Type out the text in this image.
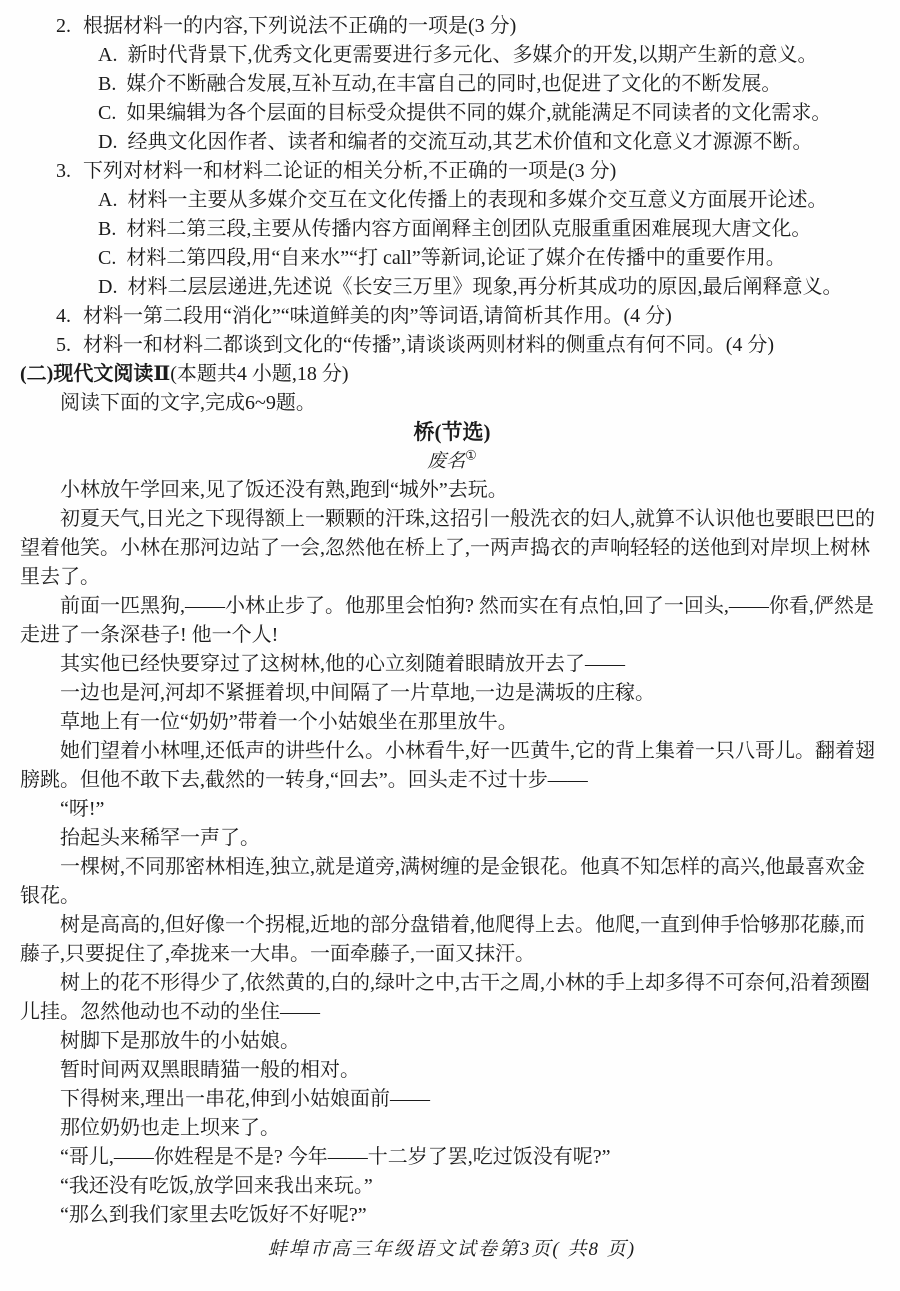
2. 根据材料一的内容,下列说法不正确的一项是(3 分)
A. 新时代背景下,优秀文化更需要进行多元化、多媒介的开发,以期产生新的意义。
B. 媒介不断融合发展,互补互动,在丰富自己的同时,也促进了文化的不断发展。
C. 如果编辑为各个层面的目标受众提供不同的媒介,就能满足不同读者的文化需求。
D. 经典文化因作者、读者和编者的交流互动,其艺术价值和文化意义才源源不断。
3. 下列对材料一和材料二论证的相关分析,不正确的一项是(3 分)
A. 材料一主要从多媒介交互在文化传播上的表现和多媒介交互意义方面展开论述。
B. 材料二第三段,主要从传播内容方面阐释主创团队克服重重困难展现大唐文化。
C. 材料二第四段,用“自来水”“打 call”等新词,论证了媒介在传播中的重要作用。
D. 材料二层层递进,先述说《长安三万里》现象,再分析其成功的原因,最后阐释意义。
4. 材料一第二段用“消化”“味道鲜美的肉”等词语,请简析其作用。(4 分)
5. 材料一和材料二都谈到文化的“传播”,请谈谈两则材料的侧重点有何不同。(4 分)
(二)现代文阅读Ⅱ(本题共4 小题,18 分)
阅读下面的文字,完成6~9题。
桥(节选)
废名①
小林放午学回来,见了饭还没有熟,跑到“城外”去玩。
初夏天气,日光之下现得额上一颗颗的汗珠,这招引一般洗衣的妇人,就算不认识他也要眼巴巴的望着他笑。小林在那河边站了一会,忽然他在桥上了,一两声捣衣的声响轻轻的送他到对岸坝上树林里去了。
前面一匹黑狗,——小林止步了。他那里会怕狗? 然而实在有点怕,回了一回头,——你看,俨然是走进了一条深巷子! 他一个人!
其实他已经快要穿过了这树林,他的心立刻随着眼睛放开去了——
一边也是河,河却不紧捱着坝,中间隔了一片草地,一边是满坂的庄稼。
草地上有一位“奶奶”带着一个小姑娘坐在那里放牛。
她们望着小林哩,还低声的讲些什么。小林看牛,好一匹黄牛,它的背上集着一只八哥儿。翻着翅膀跳。但他不敢下去,截然的一转身,“回去”。回头走不过十步——
“呀!”
抬起头来稀罕一声了。
一棵树,不同那密林相连,独立,就是道旁,满树缠的是金银花。他真不知怎样的高兴,他最喜欢金银花。
树是高高的,但好像一个拐棍,近地的部分盘错着,他爬得上去。他爬,一直到伸手恰够那花藤,而藤子,只要捉住了,牵拢来一大串。一面牵藤子,一面又抹汗。
树上的花不形得少了,依然黄的,白的,绿叶之中,古干之周,小林的手上却多得不可奈何,沿着颈圈儿挂。忽然他动也不动的坐住——
树脚下是那放牛的小姑娘。
暂时间两双黑眼睛猫一般的相对。
下得树来,理出一串花,伸到小姑娘面前——
那位奶奶也走上坝来了。
“哥儿,——你姓程是不是? 今年——十二岁了罢,吃过饭没有呢?”
“我还没有吃饭,放学回来我出来玩。”
“那么到我们家里去吃饭好不好呢?”
蚌埠市高三年级语文试卷第3页( 共8 页)
